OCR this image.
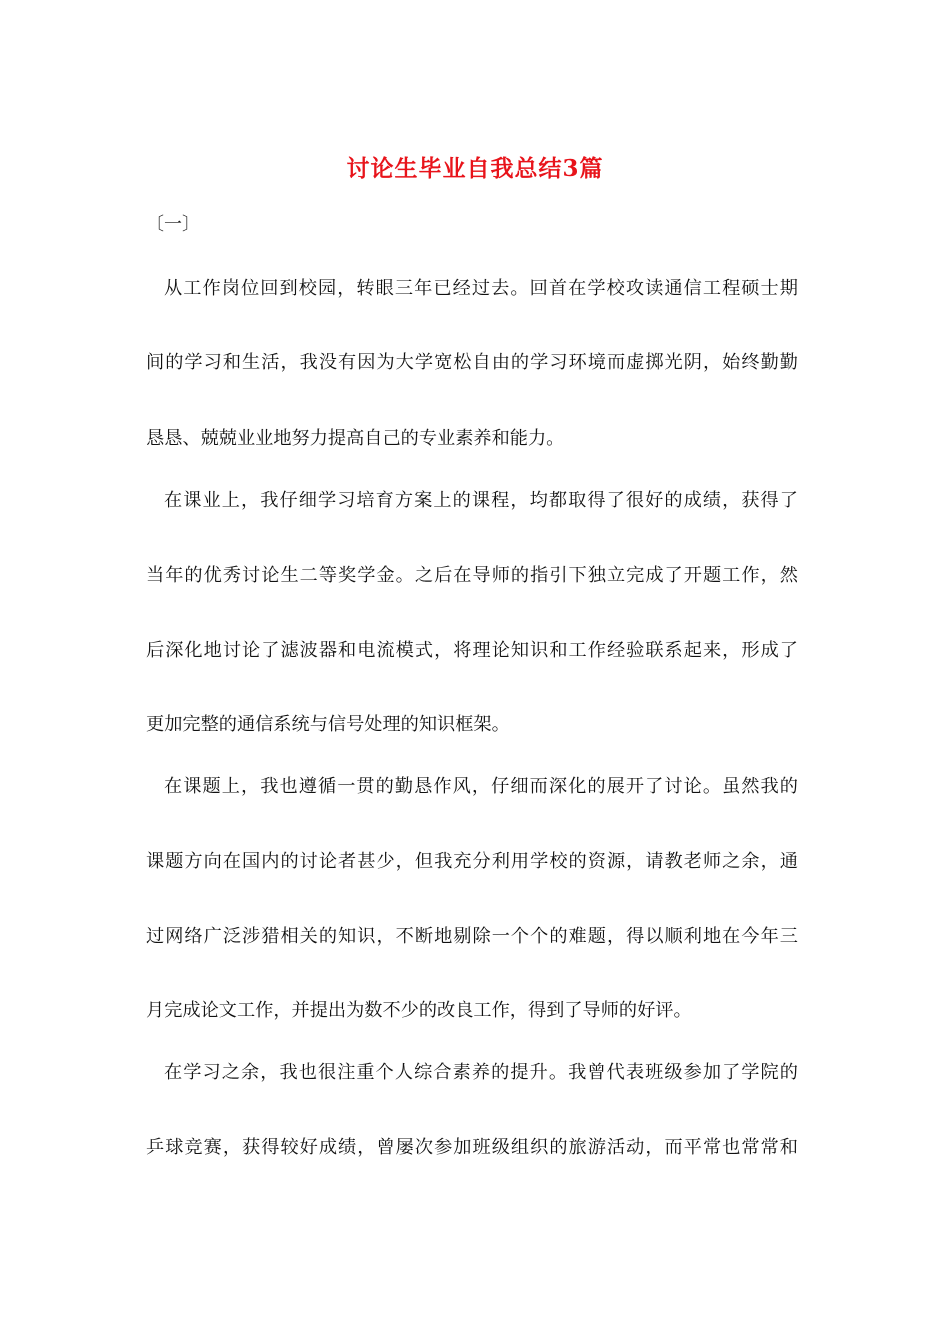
讨论生毕业自我总结3篇
〔一〕
从工作岗位回到校园，转眼三年已经过去。回首在学校攻读通信工程硕士期
间的学习和生活，我没有因为大学宽松自由的学习环境而虚掷光阴，始终勤勤
恳恳、兢兢业业地努力提高自己的专业素养和能力。
在课业上，我仔细学习培育方案上的课程，均都取得了很好的成绩，获得了
当年的优秀讨论生二等奖学金。之后在导师的指引下独立完成了开题工作，然
后深化地讨论了滤波器和电流模式，将理论知识和工作经验联系起来，形成了
更加完整的通信系统与信号处理的知识框架。
在课题上，我也遵循一贯的勤恳作风，仔细而深化的展开了讨论。虽然我的
课题方向在国内的讨论者甚少，但我充分利用学校的资源，请教老师之余，通
过网络广泛涉猎相关的知识，不断地剔除一个个的难题，得以顺利地在今年三
月完成论文工作，并提出为数不少的改良工作，得到了导师的好评。
在学习之余，我也很注重个人综合素养的提升。我曾代表班级参加了学院的
乒球竞赛，获得较好成绩，曾屡次参加班级组织的旅游活动，而平常也常常和
